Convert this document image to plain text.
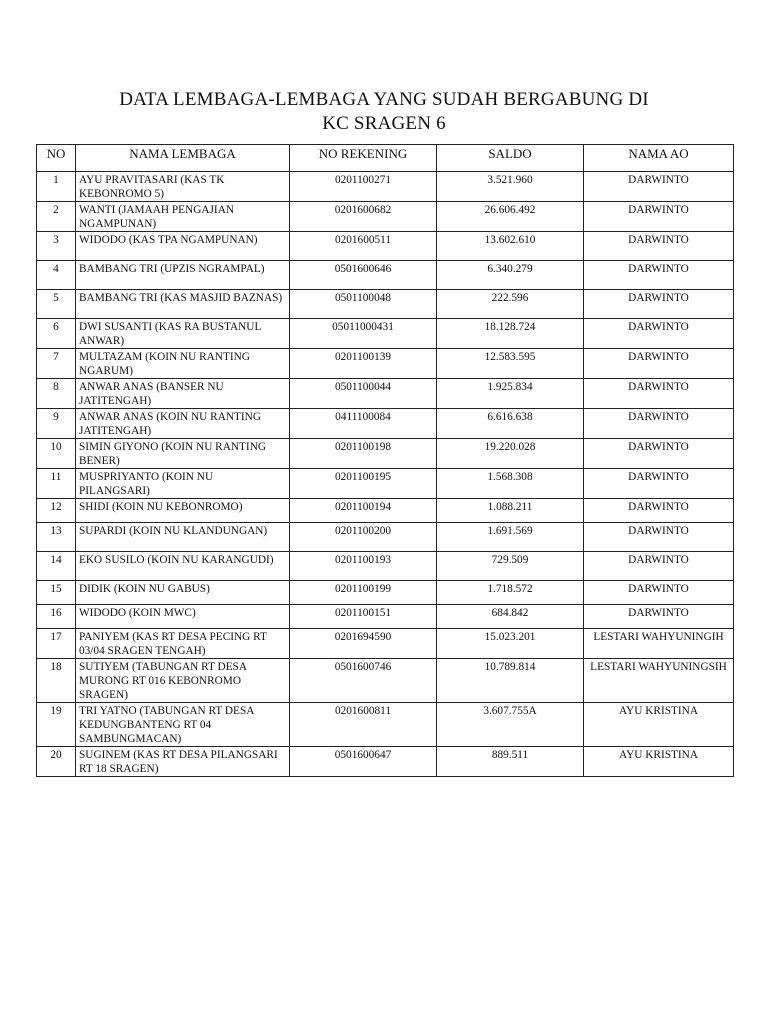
DATA LEMBAGA-LEMBAGA YANG SUDAH BERGABUNG DI
KC SRAGEN 6
NO	NAMA LEMBAGA	NO REKENING	SALDO	NAMA AO
1	AYU PRAVITASARI (KAS TK KEBONROMO 5)	0201100271	3.521.960	DARWINTO
2	WANTI (JAMAAH PENGAJIAN NGAMPUNAN)	0201600682	26.606.492	DARWINTO
3	WIDODO (KAS TPA NGAMPUNAN)	0201600511	13.602.610	DARWINTO
4	BAMBANG TRI (UPZIS NGRAMPAL)	0501600646	6.340.279	DARWINTO
5	BAMBANG TRI (KAS MASJID BAZNAS)	0501100048	222.596	DARWINTO
6	DWI SUSANTI (KAS RA BUSTANUL ANWAR)	05011000431	18.128.724	DARWINTO
7	MULTAZAM (KOIN NU RANTING NGARUM)	0201100139	12.583.595	DARWINTO
8	ANWAR ANAS (BANSER NU JATITENGAH)	0501100044	1.925.834	DARWINTO
9	ANWAR ANAS (KOIN NU RANTING JATITENGAH)	0411100084	6.616.638	DARWINTO
10	SIMIN GIYONO (KOIN NU RANTING BENER)	0201100198	19.220.028	DARWINTO
11	MUSPRIYANTO (KOIN NU PILANGSARI)	0201100195	1.568.308	DARWINTO
12	SHIDI (KOIN NU KEBONROMO)	0201100194	1.088.211	DARWINTO
13	SUPARDI (KOIN NU KLANDUNGAN)	0201100200	1.691.569	DARWINTO
14	EKO SUSILO (KOIN NU KARANGUDI)	0201100193	729.509	DARWINTO
15	DIDIK (KOIN NU GABUS)	0201100199	1.718.572	DARWINTO
16	WIDODO (KOIN MWC)	0201100151	684.842	DARWINTO
17	PANIYEM (KAS RT DESA PECING RT 03/04 SRAGEN TENGAH)	0201694590	15.023.201	LESTARI WAHYUNINGIH
18	SUTIYEM (TABUNGAN RT DESA MURONG RT 016 KEBONROMO SRAGEN)	0501600746	10.789.814	LESTARI WAHYUNINGSIH
19	TRI YATNO (TABUNGAN RT DESA KEDUNGBANTENG RT 04 SAMBUNGMACAN)	0201600811	3.607.755A	AYU KRISTINA
20	SUGINEM (KAS RT DESA PILANGSARI RT 18 SRAGEN)	0501600647	889.511	AYU KRISTINA
